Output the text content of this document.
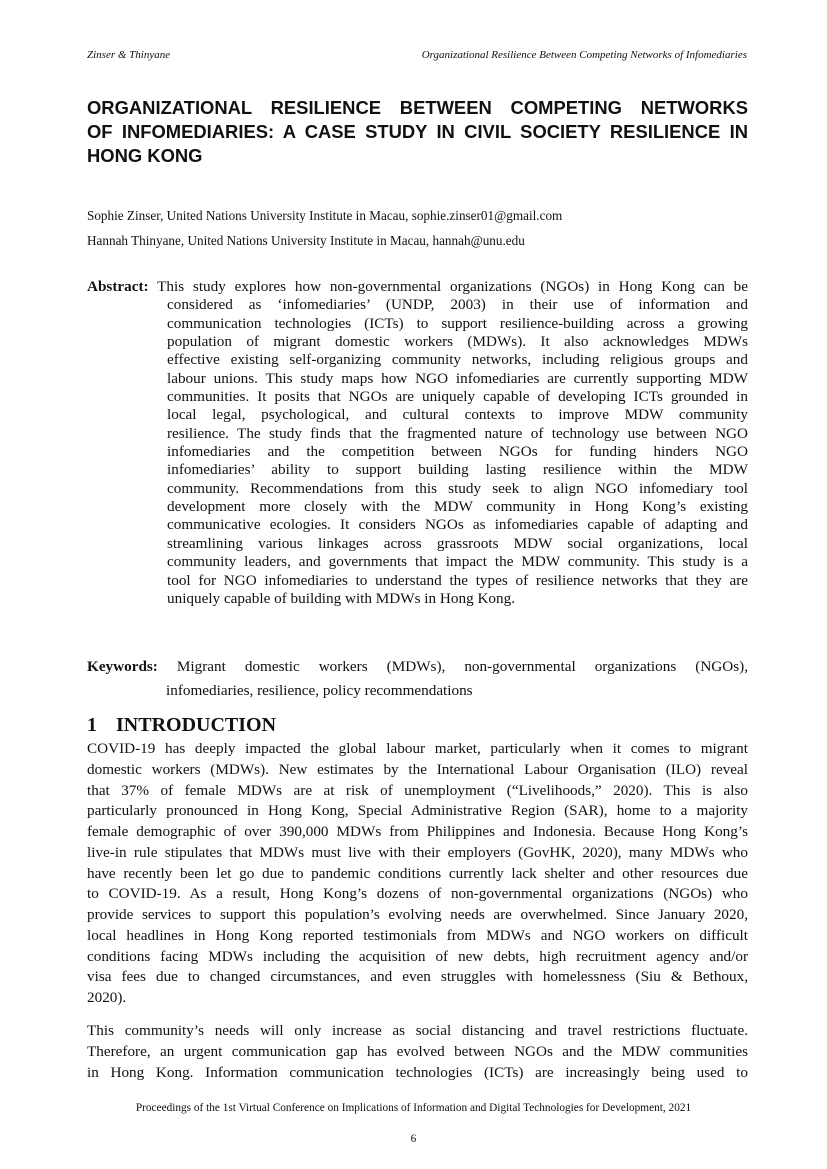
Zinser & Thinyane	Organizational Resilience Between Competing Networks of Infomediaries
ORGANIZATIONAL RESILIENCE BETWEEN COMPETING NETWORKS
OF INFOMEDIARIES: A CASE STUDY IN CIVIL SOCIETY RESILIENCE IN
HONG KONG
Sophie Zinser, United Nations University Institute in Macau, sophie.zinser01@gmail.com
Hannah Thinyane, United Nations University Institute in Macau, hannah@unu.edu
Abstract: This study explores how non-governmental organizations (NGOs) in Hong Kong can be
considered as ‘infomediaries’ (UNDP, 2003) in their use of information and
communication technologies (ICTs) to support resilience-building across a growing
population of migrant domestic workers (MDWs). It also acknowledges MDWs
effective existing self-organizing community networks, including religious groups and
labour unions. This study maps how NGO infomediaries are currently supporting MDW
communities. It posits that NGOs are uniquely capable of developing ICTs grounded in
local legal, psychological, and cultural contexts to improve MDW community
resilience. The study finds that the fragmented nature of technology use between NGO
infomediaries and the competition between NGOs for funding hinders NGO
infomediaries’ ability to support building lasting resilience within the MDW
community. Recommendations from this study seek to align NGO infomediary tool
development more closely with the MDW community in Hong Kong’s existing
communicative ecologies. It considers NGOs as infomediaries capable of adapting and
streamlining various linkages across grassroots MDW social organizations, local
community leaders, and governments that impact the MDW community. This study is a
tool for NGO infomediaries to understand the types of resilience networks that they are
uniquely capable of building with MDWs in Hong Kong.
Keywords: Migrant domestic workers (MDWs), non-governmental organizations (NGOs),
infomediaries, resilience, policy recommendations
1 INTRODUCTION
COVID-19 has deeply impacted the global labour market, particularly when it comes to migrant
domestic workers (MDWs). New estimates by the International Labour Organisation (ILO) reveal
that 37% of female MDWs are at risk of unemployment (“Livelihoods,” 2020). This is also
particularly pronounced in Hong Kong, Special Administrative Region (SAR), home to a majority
female demographic of over 390,000 MDWs from Philippines and Indonesia. Because Hong Kong’s
live-in rule stipulates that MDWs must live with their employers (GovHK, 2020), many MDWs who
have recently been let go due to pandemic conditions currently lack shelter and other resources due
to COVID-19. As a result, Hong Kong’s dozens of non-governmental organizations (NGOs) who
provide services to support this population’s evolving needs are overwhelmed. Since January 2020,
local headlines in Hong Kong reported testimonials from MDWs and NGO workers on difficult
conditions facing MDWs including the acquisition of new debts, high recruitment agency and/or
visa fees due to changed circumstances, and even struggles with homelessness (Siu & Bethoux,
2020).
This community’s needs will only increase as social distancing and travel restrictions fluctuate.
Therefore, an urgent communication gap has evolved between NGOs and the MDW communities
in Hong Kong. Information communication technologies (ICTs) are increasingly being used to
Proceedings of the 1st Virtual Conference on Implications of Information and Digital Technologies for Development, 2021
6
